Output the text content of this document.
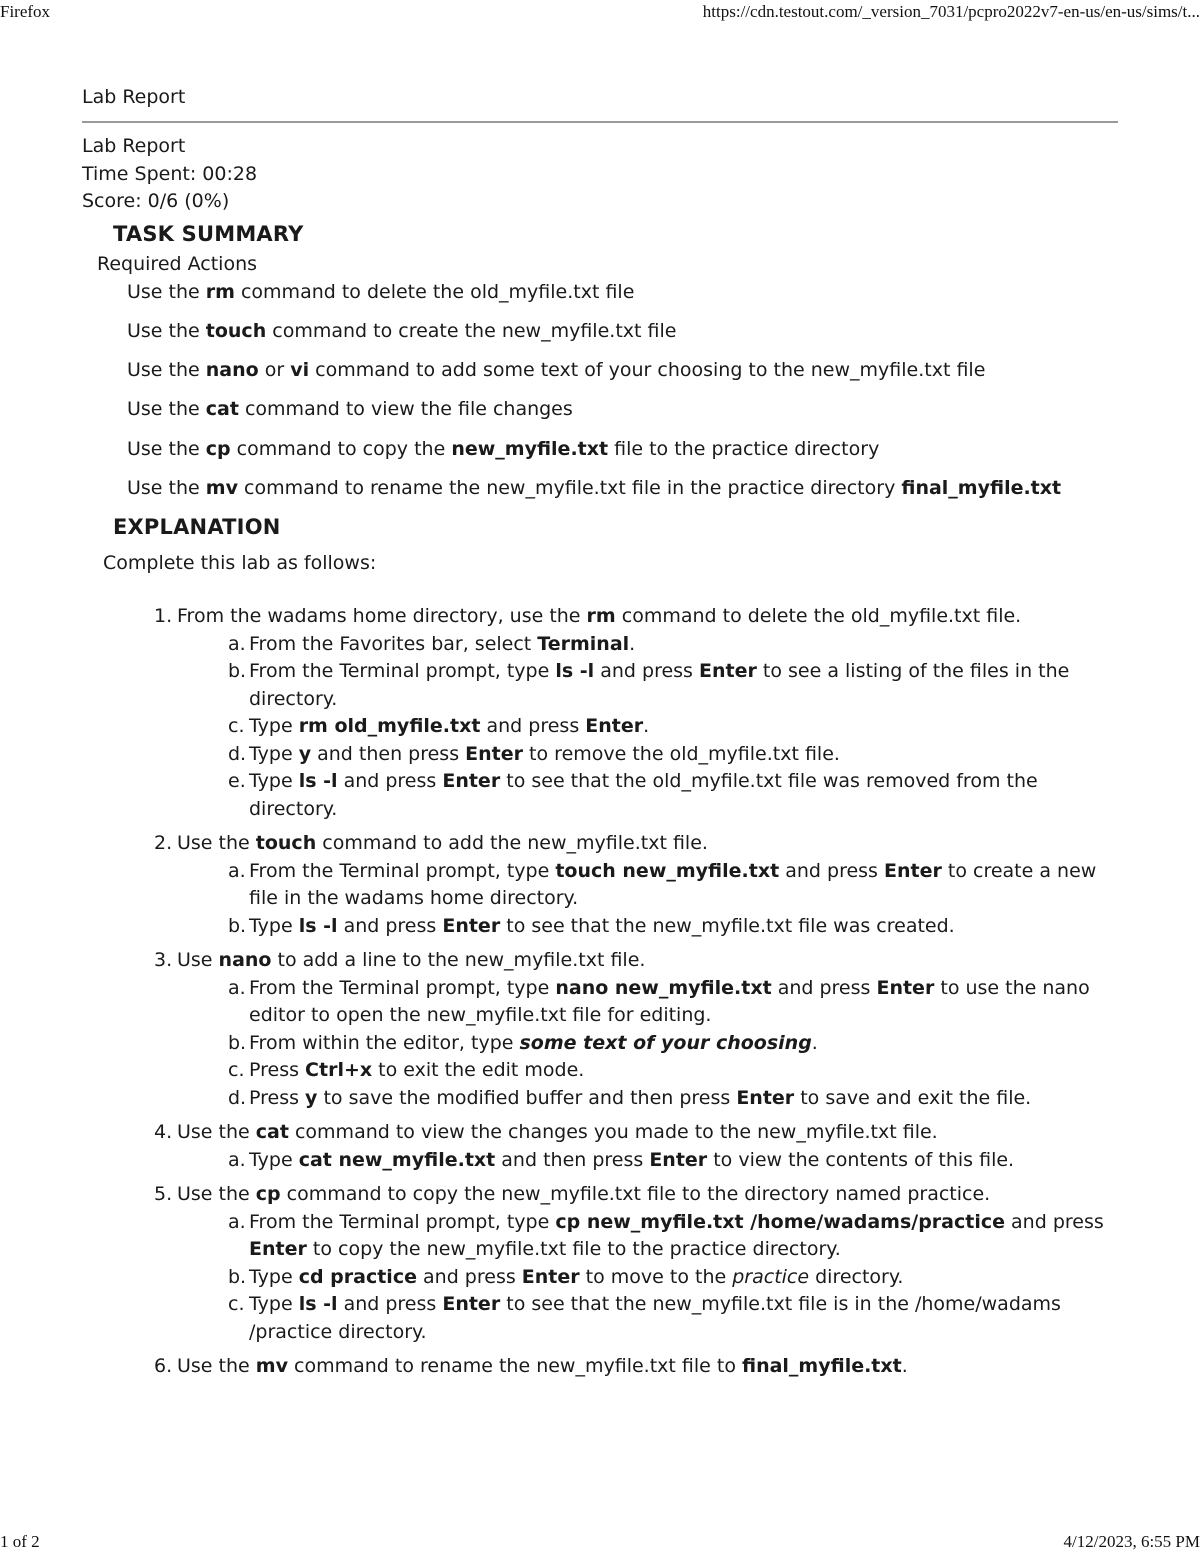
Firefox	https://cdn.testout.com/_version_7031/pcpro2022v7-en-us/en-us/sims/t...

Lab Report

Lab Report
Time Spent: 00:28
Score: 0/6 (0%)
TASK SUMMARY
Required Actions
Use the rm command to delete the old_myfile.txt file
Use the touch command to create the new_myfile.txt file
Use the nano or vi command to add some text of your choosing to the new_myfile.txt file
Use the cat command to view the file changes
Use the cp command to copy the new_myfile.txt file to the practice directory
Use the mv command to rename the new_myfile.txt file in the practice directory final_myfile.txt
EXPLANATION
Complete this lab as follows:
1. From the wadams home directory, use the rm command to delete the old_myfile.txt file.
a. From the Favorites bar, select Terminal.
b. From the Terminal prompt, type ls -l and press Enter to see a listing of the files in the directory.
c. Type rm old_myfile.txt and press Enter.
d. Type y and then press Enter to remove the old_myfile.txt file.
e. Type ls -l and press Enter to see that the old_myfile.txt file was removed from the directory.
2. Use the touch command to add the new_myfile.txt file.
a. From the Terminal prompt, type touch new_myfile.txt and press Enter to create a new file in the wadams home directory.
b. Type ls -l and press Enter to see that the new_myfile.txt file was created.
3. Use nano to add a line to the new_myfile.txt file.
a. From the Terminal prompt, type nano new_myfile.txt and press Enter to use the nano editor to open the new_myfile.txt file for editing.
b. From within the editor, type some text of your choosing.
c. Press Ctrl+x to exit the edit mode.
d. Press y to save the modified buffer and then press Enter to save and exit the file.
4. Use the cat command to view the changes you made to the new_myfile.txt file.
a. Type cat new_myfile.txt and then press Enter to view the contents of this file.
5. Use the cp command to copy the new_myfile.txt file to the directory named practice.
a. From the Terminal prompt, type cp new_myfile.txt /home/wadams/practice and press Enter to copy the new_myfile.txt file to the practice directory.
b. Type cd practice and press Enter to move to the practice directory.
c. Type ls -l and press Enter to see that the new_myfile.txt file is in the /home/wadams /practice directory.
6. Use the mv command to rename the new_myfile.txt file to final_myfile.txt.
1 of 2	4/12/2023, 6:55 PM
